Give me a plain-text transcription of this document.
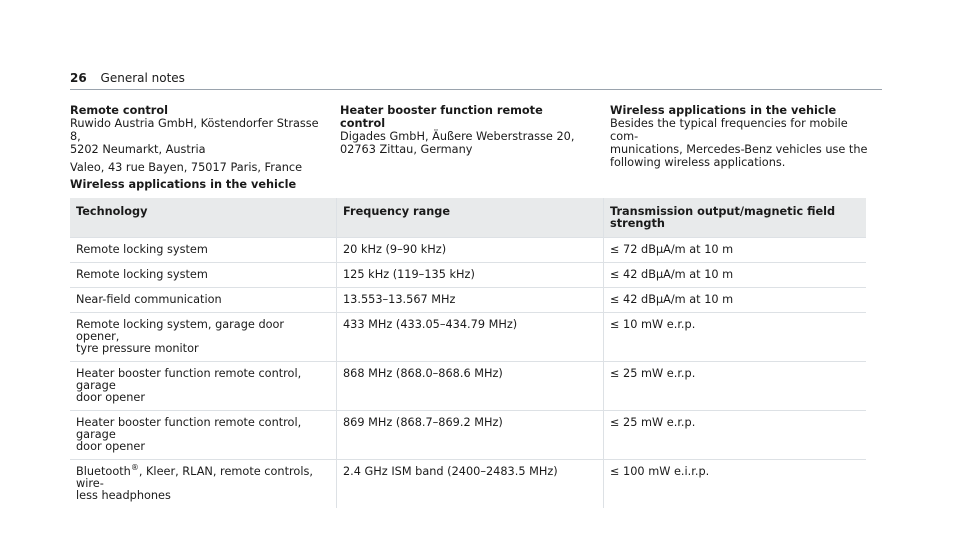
26 General notes
Remote control

Ruwido Austria GmbH, Köstendorfer Strasse 8,
5202 Neumarkt, Austria

Valeo, 43 rue Bayen, 75017 Paris, France

Heater booster function remote control
Digades GmbH, Äußere Weberstrasse 20,
02763 Zittau, Germany
Wireless applications in the vehicle
Besides the typical frequencies for mobile com-
munications, Mercedes-Benz vehicles use the
following wireless applications.
Wireless applications in the vehicle
Technology	Frequency range	Transmission output/magnetic field
strength
Remote locking system	20 kHz (9–90 kHz)	≤ 72 dBµA/m at 10 m
Remote locking system	125 kHz (119–135 kHz)	≤ 42 dBµA/m at 10 m
Near-field communication	13.553–13.567 MHz	≤ 42 dBµA/m at 10 m
Remote locking system, garage door opener,
tyre pressure monitor	433 MHz (433.05–434.79 MHz)	≤ 10 mW e.r.p.
Heater booster function remote control, garage
door opener	868 MHz (868.0–868.6 MHz)	≤ 25 mW e.r.p.
Heater booster function remote control, garage
door opener	869 MHz (868.7–869.2 MHz)	≤ 25 mW e.r.p.
Bluetooth®, Kleer, RLAN, remote controls, wire-
less headphones	2.4 GHz ISM band (2400–2483.5 MHz)	≤ 100 mW e.i.r.p.
